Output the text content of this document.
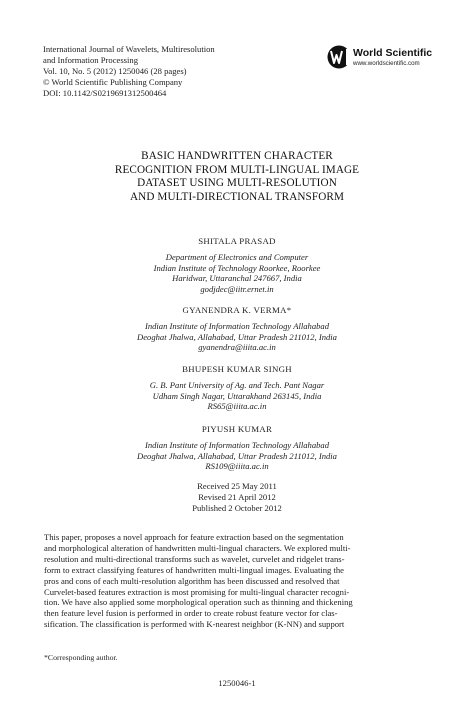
International Journal of Wavelets, Multiresolution
and Information Processing
Vol. 10, No. 5 (2012) 1250046 (28 pages)
© World Scientific Publishing Company
DOI: 10.1142/S0219691312500464
World Scientific
www.worldscientific.com
BASIC HANDWRITTEN CHARACTER
RECOGNITION FROM MULTI-LINGUAL IMAGE
DATASET USING MULTI-RESOLUTION
AND MULTI-DIRECTIONAL TRANSFORM
SHITALA PRASAD
Department of Electronics and Computer
Indian Institute of Technology Roorkee, Roorkee
Haridwar, Uttaranchal 247667, India
godjdec@iitr.ernet.in
GYANENDRA K. VERMA*
Indian Institute of Information Technology Allahabad
Deoghat Jhalwa, Allahabad, Uttar Pradesh 211012, India
gyanendra@iiita.ac.in
BHUPESH KUMAR SINGH
G. B. Pant University of Ag. and Tech. Pant Nagar
Udham Singh Nagar, Uttarakhand 263145, India
RS65@iiita.ac.in
PIYUSH KUMAR
Indian Institute of Information Technology Allahabad
Deoghat Jhalwa, Allahabad, Uttar Pradesh 211012, India
RS109@iiita.ac.in
Received 25 May 2011
Revised 21 April 2012
Published 2 October 2012
This paper, proposes a novel approach for feature extraction based on the segmentation
and morphological alteration of handwritten multi-lingual characters. We explored multi-
resolution and multi-directional transforms such as wavelet, curvelet and ridgelet trans-
form to extract classifying features of handwritten multi-lingual images. Evaluating the
pros and cons of each multi-resolution algorithm has been discussed and resolved that
Curvelet-based features extraction is most promising for multi-lingual character recogni-
tion. We have also applied some morphological operation such as thinning and thickening
then feature level fusion is performed in order to create robust feature vector for clas-
sification. The classification is performed with K-nearest neighbor (K-NN) and support
*Corresponding author.
1250046-1
